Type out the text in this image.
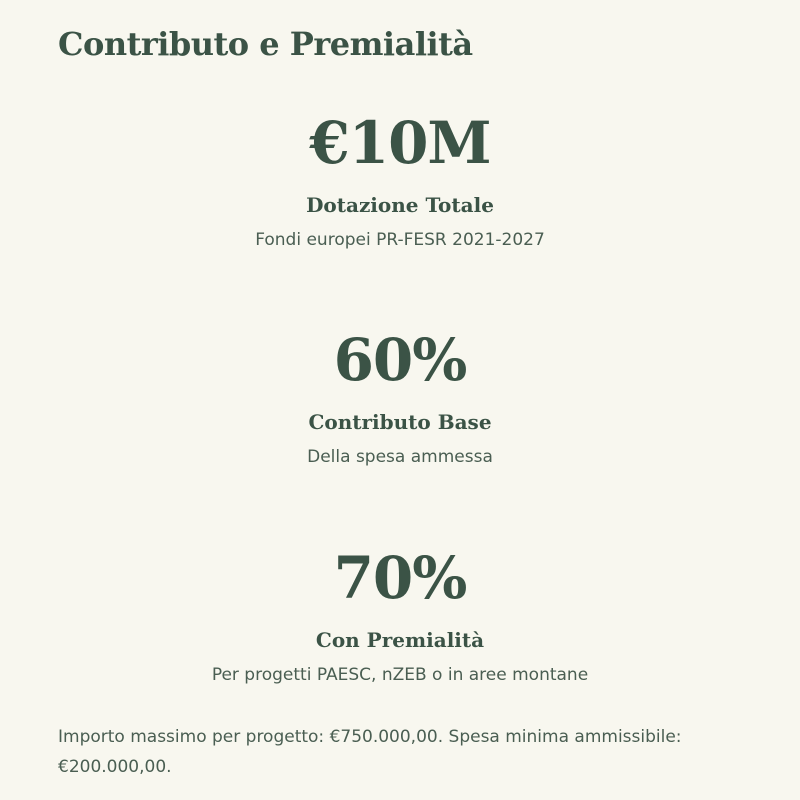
Contributo e Premialità
€10M
Dotazione Totale
Fondi europei PR-FESR 2021-2027
60%
Contributo Base
Della spesa ammessa
70%
Con Premialità
Per progetti PAESC, nZEB o in aree montane

Importo massimo per progetto: €750.000,00. Spesa minima ammissibile: €200.000,00.
